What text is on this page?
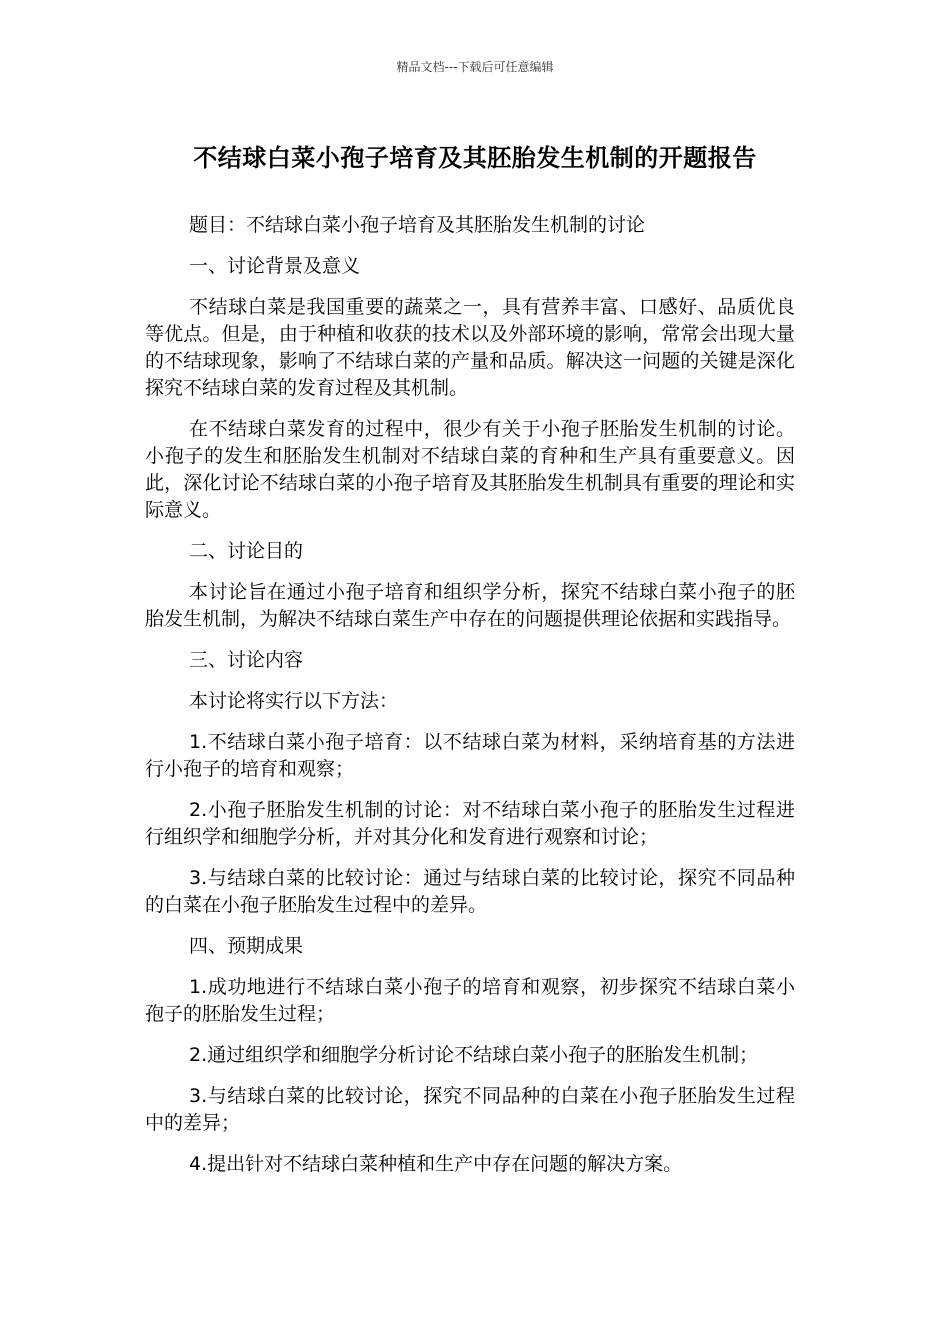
精品文档---下载后可任意编辑
不结球白菜小孢子培育及其胚胎发生机制的开题报告

题目：不结球白菜小孢子培育及其胚胎发生机制的讨论

一、讨论背景及意义

不结球白菜是我国重要的蔬菜之一，具有营养丰富、口感好、品质优良等优点。但是，由于种植和收获的技术以及外部环境的影响，常常会出现大量的不结球现象，影响了不结球白菜的产量和品质。解决这一问题的关键是深化探究不结球白菜的发育过程及其机制。

在不结球白菜发育的过程中，很少有关于小孢子胚胎发生机制的讨论。小孢子的发生和胚胎发生机制对不结球白菜的育种和生产具有重要意义。因此，深化讨论不结球白菜的小孢子培育及其胚胎发生机制具有重要的理论和实际意义。

二、讨论目的

本讨论旨在通过小孢子培育和组织学分析，探究不结球白菜小孢子的胚胎发生机制，为解决不结球白菜生产中存在的问题提供理论依据和实践指导。

三、讨论内容

本讨论将实行以下方法：

1.不结球白菜小孢子培育：以不结球白菜为材料，采纳培育基的方法进行小孢子的培育和观察；

2.小孢子胚胎发生机制的讨论：对不结球白菜小孢子的胚胎发生过程进行组织学和细胞学分析，并对其分化和发育进行观察和讨论；

3.与结球白菜的比较讨论：通过与结球白菜的比较讨论，探究不同品种的白菜在小孢子胚胎发生过程中的差异。

四、预期成果

1.成功地进行不结球白菜小孢子的培育和观察，初步探究不结球白菜小孢子的胚胎发生过程；

2.通过组织学和细胞学分析讨论不结球白菜小孢子的胚胎发生机制；

3.与结球白菜的比较讨论，探究不同品种的白菜在小孢子胚胎发生过程中的差异；

4.提出针对不结球白菜种植和生产中存在问题的解决方案。
